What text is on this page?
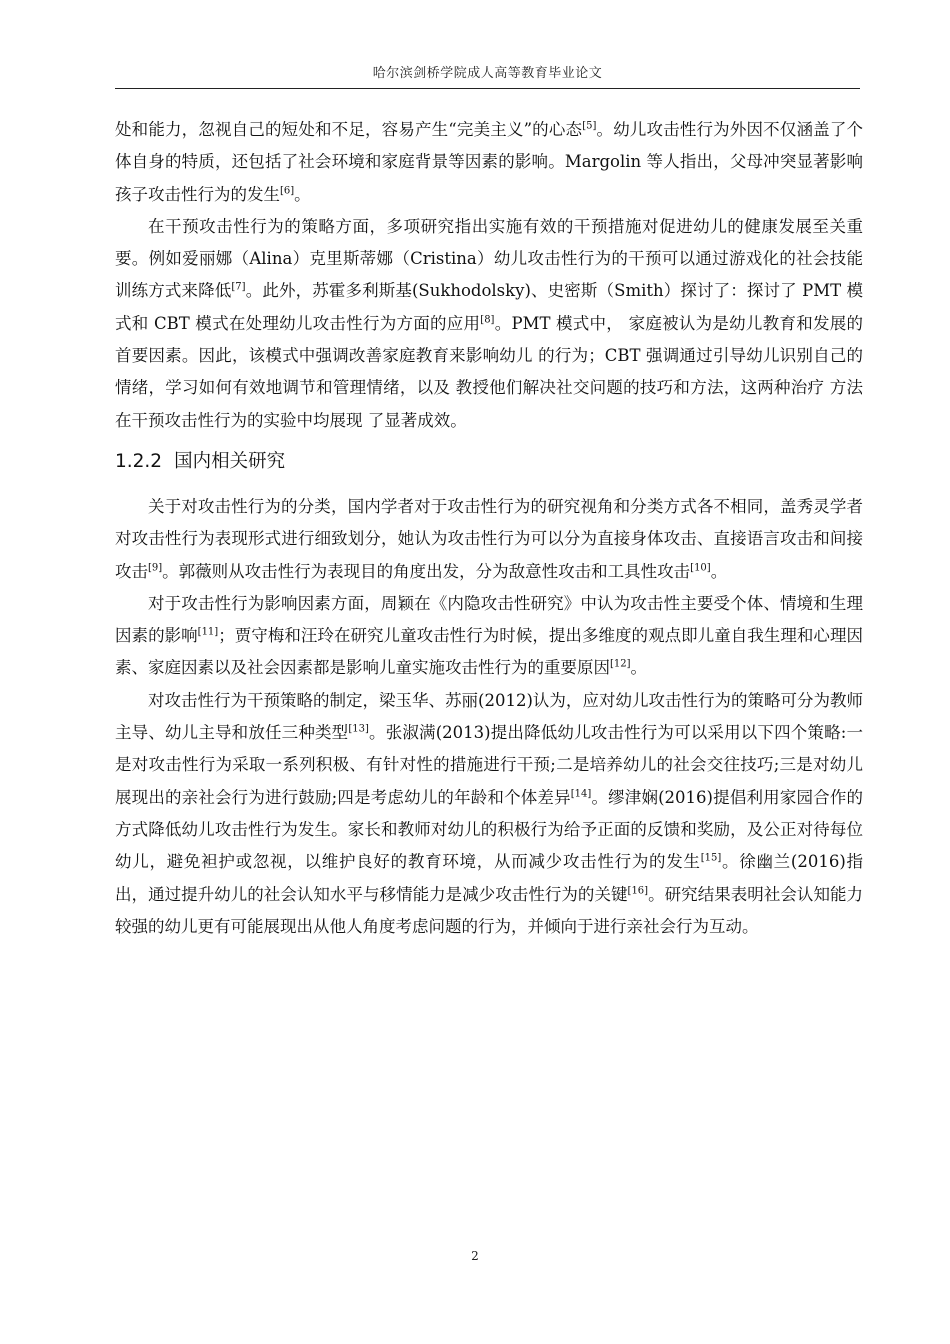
哈尔滨剑桥学院成人高等教育毕业论文

处和能力，忽视自己的短处和不足，容易产生“完美主义”的心态[5]。幼儿攻击性行为外因不仅涵盖了个体自身的特质，还包括了社会环境和家庭背景等因素的影响。Margolin 等人指出，父母冲突显著影响孩子攻击性行为的发生[6]。

在干预攻击性行为的策略方面，多项研究指出实施有效的干预措施对促进幼儿的健康发展至关重要。例如爱丽娜（Alina）克里斯蒂娜（Cristina）幼儿攻击性行为的干预可以通过游戏化的社会技能训练方式来降低[7]。此外，苏霍多利斯基(Sukhodolsky)、史密斯（Smith）探讨了：探讨了 PMT 模式和 CBT 模式在处理幼儿攻击性行为方面的应用[8]。PMT 模式中， 家庭被认为是幼儿教育和发展的首要因素。因此，该模式中强调改善家庭教育来影响幼儿 的行为；CBT 强调通过引导幼儿识别自己的情绪，学习如何有效地调节和管理情绪，以及 教授他们解决社交问题的技巧和方法，这两种治疗 方法在干预攻击性行为的实验中均展现 了显著成效。

1.2.2 国内相关研究

关于对攻击性行为的分类，国内学者对于攻击性行为的研究视角和分类方式各不相同，盖秀灵学者对攻击性行为表现形式进行细致划分，她认为攻击性行为可以分为直接身体攻击、直接语言攻击和间接攻击[9]。郭薇则从攻击性行为表现目的角度出发，分为敌意性攻击和工具性攻击[10]。

对于攻击性行为影响因素方面，周颖在《内隐攻击性研究》中认为攻击性主要受个体、情境和生理因素的影响[11]；贾守梅和汪玲在研究儿童攻击性行为时候，提出多维度的观点即儿童自我生理和心理因素、家庭因素以及社会因素都是影响儿童实施攻击性行为的重要原因[12]。

对攻击性行为干预策略的制定，梁玉华、苏丽(2012)认为，应对幼儿攻击性行为的策略可分为教师主导、幼儿主导和放任三种类型[13]。张淑满(2013)提出降低幼儿攻击性行为可以采用以下四个策略:一是对攻击性行为采取一系列积极、有针对性的措施进行干预;二是培养幼儿的社会交往技巧;三是对幼儿展现出的亲社会行为进行鼓励;四是考虑幼儿的年龄和个体差异[14]。缪津娴(2016)提倡利用家园合作的方式降低幼儿攻击性行为发生。家长和教师对幼儿的积极行为给予正面的反馈和奖励，及公正对待每位幼儿，避免袒护或忽视，以维护良好的教育环境，从而减少攻击性行为的发生[15]。徐幽兰(2016)指出，通过提升幼儿的社会认知水平与移情能力是减少攻击性行为的关键[16]。研究结果表明社会认知能力较强的幼儿更有可能展现出从他人角度考虑问题的行为，并倾向于进行亲社会行为互动。

2
